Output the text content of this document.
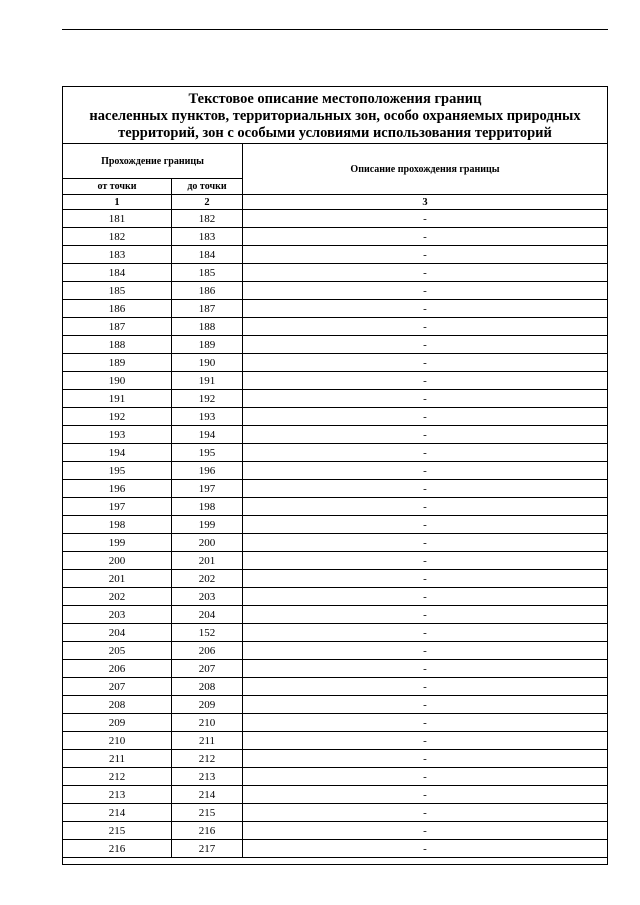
Текстовое описание местоположения границ
населенных пунктов, территориальных зон, особо охраняемых природных
территорий, зон с особыми условиями использования территорий		

Прохождение границы		Описание прохождения границы
от точки	до точки	
1	2	3
181	182	-
182	183	-
183	184	-
184	185	-
185	186	-
186	187	-
187	188	-
188	189	-
189	190	-
190	191	-
191	192	-
192	193	-
193	194	-
194	195	-
195	196	-
196	197	-
197	198	-
198	199	-
199	200	-
200	201	-
201	202	-
202	203	-
203	204	-
204	152	-
205	206	-
206	207	-
207	208	-
208	209	-
209	210	-
210	211	-
211	212	-
212	213	-
213	214	-
214	215	-
215	216	-
216	217	-
